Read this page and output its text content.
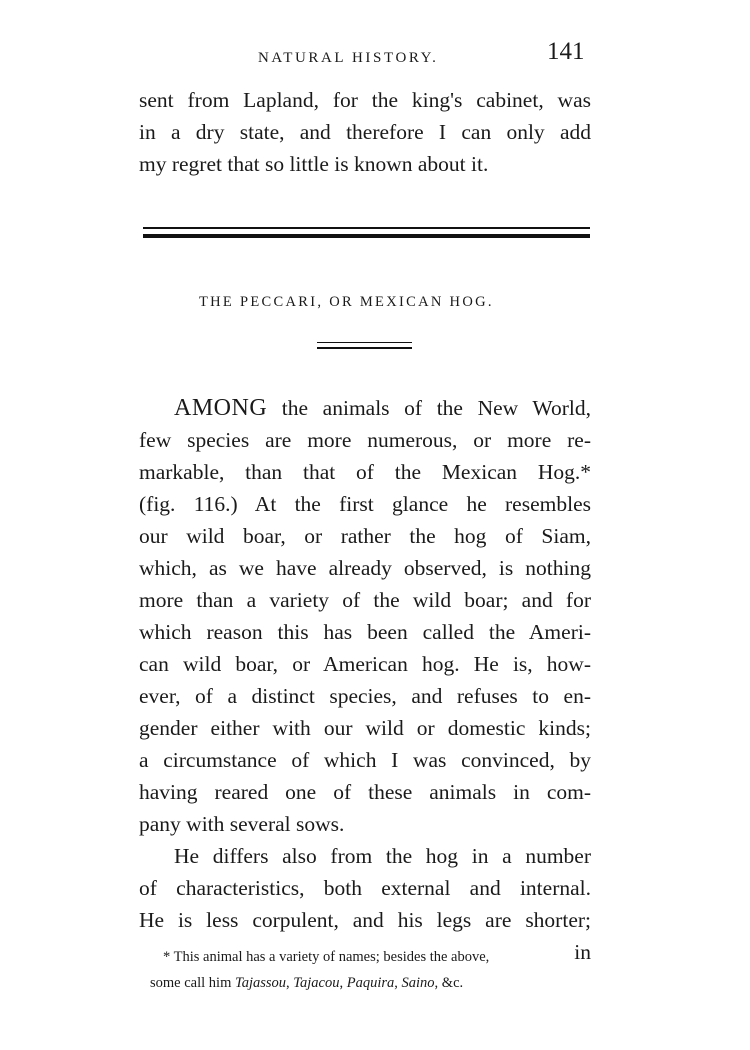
NATURAL HISTORY.	141
sent from Lapland, for the king's cabinet, was
in a dry state, and therefore I can only add
my regret that so little is known about it.
THE PECCARI, OR MEXICAN HOG.
AMONG the animals of the New World,
few species are more numerous, or more re-
markable, than that of the Mexican Hog.*
(fig. 116.) At the first glance he resembles
our wild boar, or rather the hog of Siam,
which, as we have already observed, is nothing
more than a variety of the wild boar; and for
which reason this has been called the Ameri-
can wild boar, or American hog. He is, how-
ever, of a distinct species, and refuses to en-
gender either with our wild or domestic kinds;
a circumstance of which I was convinced, by
having reared one of these animals in com-
pany with several sows.
He differs also from the hog in a number
of characteristics, both external and internal.
He is less corpulent, and his legs are shorter;
in
* This animal has a variety of names; besides the above,
some call him Tajassou, Tajacou, Paquira, Saino, &c.
